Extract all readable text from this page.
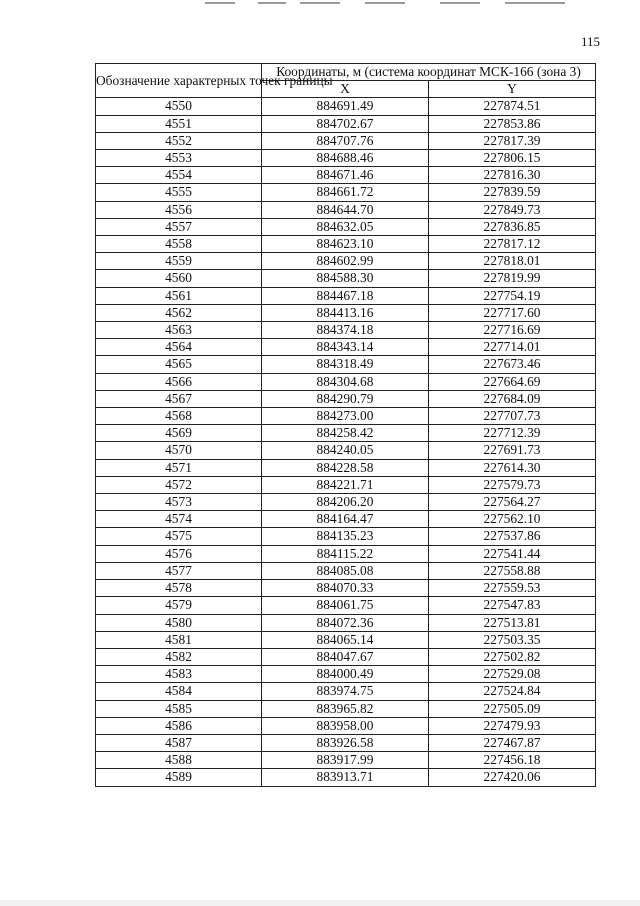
115
Обозначение характерных точек границы	Координаты, м (система координат МСК-166 (зона 3)	
	X	Y
4550	884691.49	227874.51
4551	884702.67	227853.86
4552	884707.76	227817.39
4553	884688.46	227806.15
4554	884671.46	227816.30
4555	884661.72	227839.59
4556	884644.70	227849.73
4557	884632.05	227836.85
4558	884623.10	227817.12
4559	884602.99	227818.01
4560	884588.30	227819.99
4561	884467.18	227754.19
4562	884413.16	227717.60
4563	884374.18	227716.69
4564	884343.14	227714.01
4565	884318.49	227673.46
4566	884304.68	227664.69
4567	884290.79	227684.09
4568	884273.00	227707.73
4569	884258.42	227712.39
4570	884240.05	227691.73
4571	884228.58	227614.30
4572	884221.71	227579.73
4573	884206.20	227564.27
4574	884164.47	227562.10
4575	884135.23	227537.86
4576	884115.22	227541.44
4577	884085.08	227558.88
4578	884070.33	227559.53
4579	884061.75	227547.83
4580	884072.36	227513.81
4581	884065.14	227503.35
4582	884047.67	227502.82
4583	884000.49	227529.08
4584	883974.75	227524.84
4585	883965.82	227505.09
4586	883958.00	227479.93
4587	883926.58	227467.87
4588	883917.99	227456.18
4589	883913.71	227420.06
